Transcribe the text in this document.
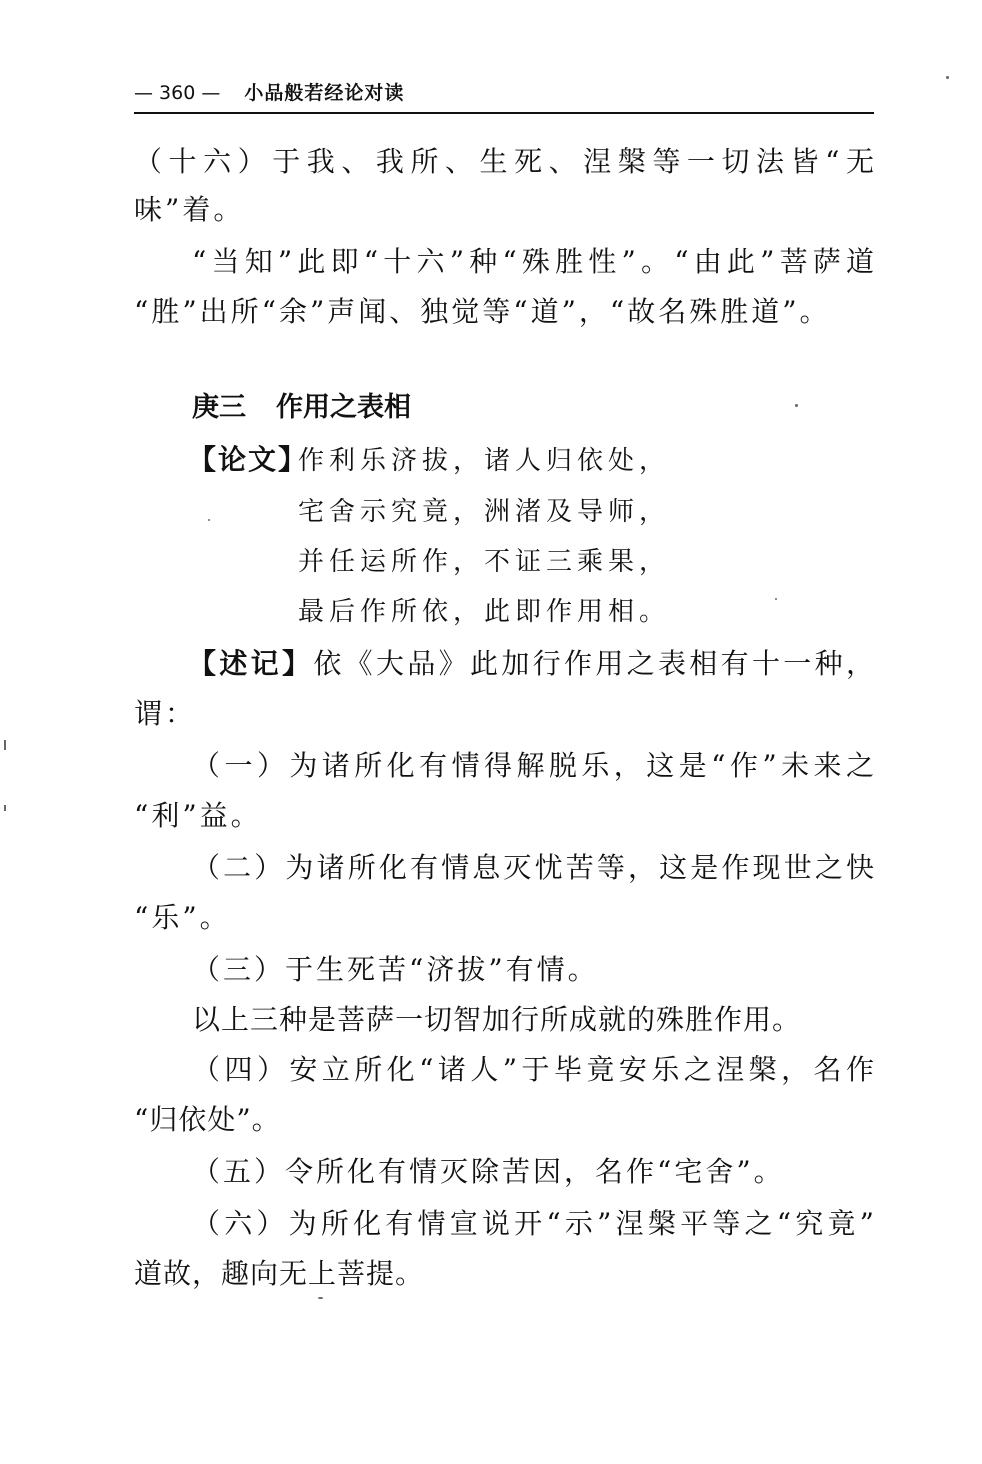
— 360 — 小品般若经论对读
（十六）于我、我所、生死、涅槃等一切法皆“无
味”着。
“当知”此即“十六”种“殊胜性”。“由此”菩萨道
“胜”出所“余”声闻、独觉等“道”，“故名殊胜道”。
庚三 作用之表相
【论文】
作利乐济拔，诸人归依处，
宅舍示究竟，洲渚及导师，
并任运所作，不证三乘果，
最后作所依，此即作用相。
【述记】依《大品》此加行作用之表相有十一种，
谓：
（一）为诸所化有情得解脱乐，这是“作”未来之
“利”益。
（二）为诸所化有情息灭忧苦等，这是作现世之快
“乐”。
（三）于生死苦“济拔”有情。
以上三种是菩萨一切智加行所成就的殊胜作用。
（四）安立所化“诸人”于毕竟安乐之涅槃，名作
“归依处”。
（五）令所化有情灭除苦因，名作“宅舍”。
（六）为所化有情宣说开“示”涅槃平等之“究竟”
道故，趣向无上菩提。
